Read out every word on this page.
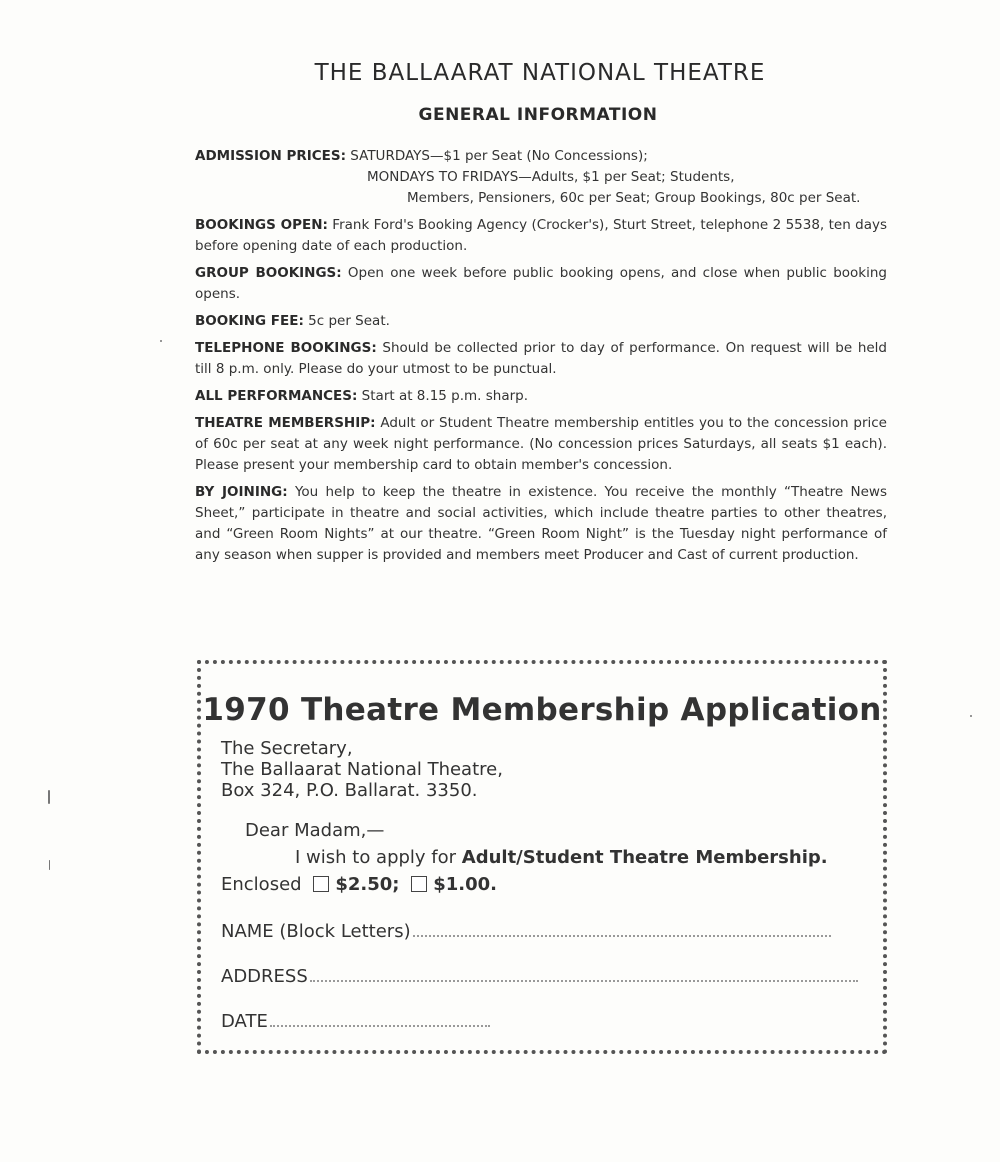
THE BALLAARAT NATIONAL THEATRE
GENERAL INFORMATION
ADMISSION PRICES: SATURDAYS—$1 per Seat (No Concessions);
MONDAYS TO FRIDAYS—Adults, $1 per Seat; Students,
Members, Pensioners, 60c per Seat; Group Bookings, 80c per Seat.
BOOKINGS OPEN: Frank Ford's Booking Agency (Crocker's), Sturt Street, telephone 2 5538, ten days before opening date of each production.
GROUP BOOKINGS: Open one week before public booking opens, and close when public booking opens.
BOOKING FEE: 5c per Seat.
TELEPHONE BOOKINGS: Should be collected prior to day of performance. On request will be held till 8 p.m. only. Please do your utmost to be punctual.
ALL PERFORMANCES: Start at 8.15 p.m. sharp.
THEATRE MEMBERSHIP: Adult or Student Theatre membership entitles you to the concession price of 60c per seat at any week night performance. (No concession prices Saturdays, all seats $1 each). Please present your membership card to obtain member's concession.
BY JOINING: You help to keep the theatre in existence. You receive the monthly “Theatre News Sheet,” participate in theatre and social activities, which include theatre parties to other theatres, and “Green Room Nights” at our theatre. “Green Room Night” is the Tuesday night performance of any season when supper is provided and members meet Producer and Cast of current production.
1970 Theatre Membership Application
The Secretary,
The Ballaarat National Theatre,
Box 324, P.O. Ballarat. 3350.
Dear Madam,—
I wish to apply for Adult/Student Theatre Membership.
Enclosed $2.50; $1.00.
NAME (Block Letters)
ADDRESS
DATE
